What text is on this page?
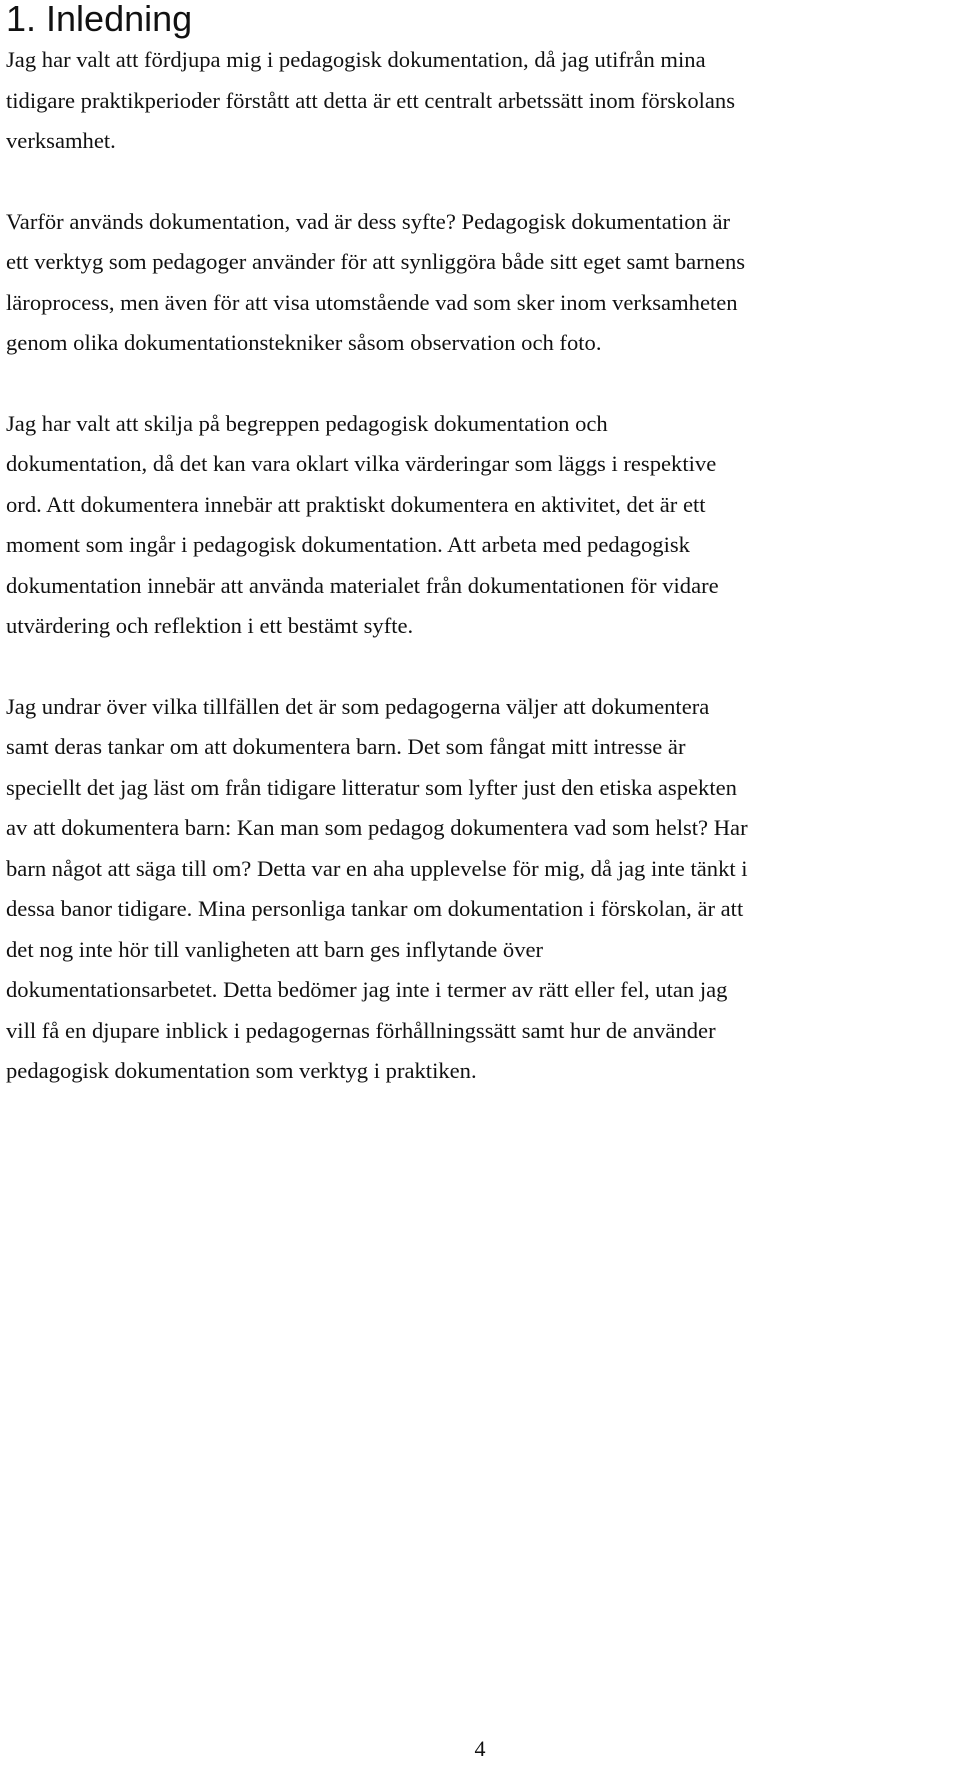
1. Inledning
Jag har valt att fördjupa mig i pedagogisk dokumentation, då jag utifrån mina
tidigare praktikperioder förstått att detta är ett centralt arbetssätt inom förskolans
verksamhet.
Varför används dokumentation, vad är dess syfte? Pedagogisk dokumentation är
ett verktyg som pedagoger använder för att synliggöra både sitt eget samt barnens
läroprocess, men även för att visa utomstående vad som sker inom verksamheten
genom olika dokumentationstekniker såsom observation och foto.
Jag har valt att skilja på begreppen pedagogisk dokumentation och
dokumentation, då det kan vara oklart vilka värderingar som läggs i respektive
ord. Att dokumentera innebär att praktiskt dokumentera en aktivitet, det är ett
moment som ingår i pedagogisk dokumentation. Att arbeta med pedagogisk
dokumentation innebär att använda materialet från dokumentationen för vidare
utvärdering och reflektion i ett bestämt syfte.
Jag undrar över vilka tillfällen det är som pedagogerna väljer att dokumentera
samt deras tankar om att dokumentera barn. Det som fångat mitt intresse är
speciellt det jag läst om från tidigare litteratur som lyfter just den etiska aspekten
av att dokumentera barn: Kan man som pedagog dokumentera vad som helst? Har
barn något att säga till om? Detta var en aha upplevelse för mig, då jag inte tänkt i
dessa banor tidigare. Mina personliga tankar om dokumentation i förskolan, är att
det nog inte hör till vanligheten att barn ges inflytande över
dokumentationsarbetet. Detta bedömer jag inte i termer av rätt eller fel, utan jag
vill få en djupare inblick i pedagogernas förhållningssätt samt hur de använder
pedagogisk dokumentation som verktyg i praktiken.
4
